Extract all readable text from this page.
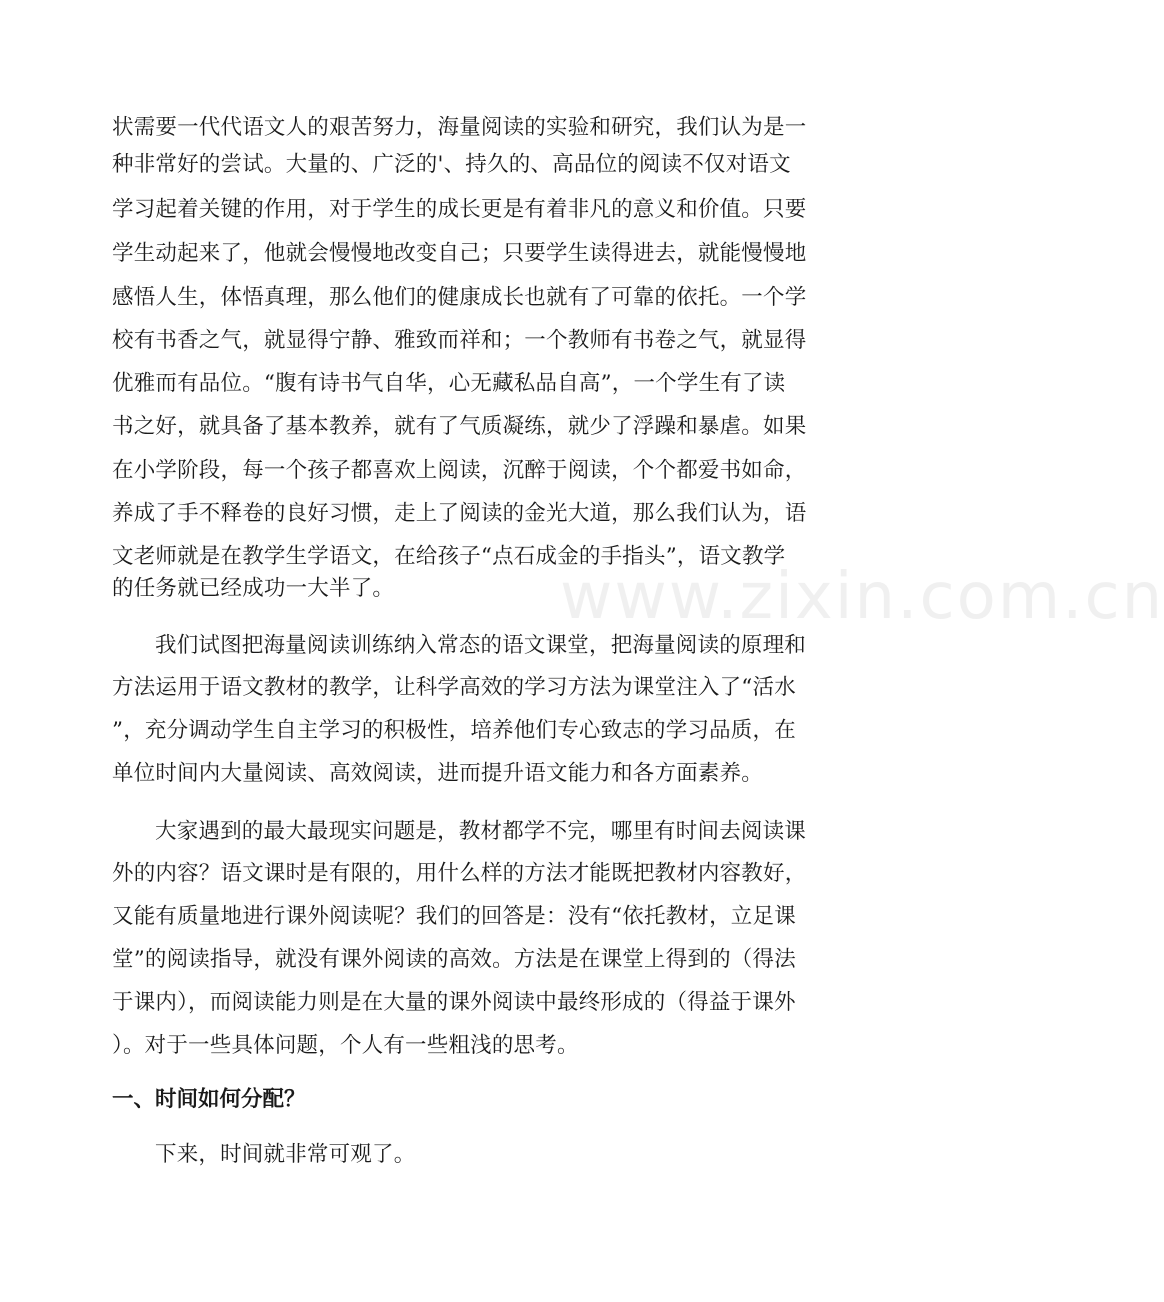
状需要一代代语文人的艰苦努力，海量阅读的实验和研究，我们认为是一
种非常好的尝试。大量的、广泛的'、持久的、高品位的阅读不仅对语文
学习起着关键的作用，对于学生的成长更是有着非凡的意义和价值。只要
学生动起来了，他就会慢慢地改变自己；只要学生读得进去，就能慢慢地
感悟人生，体悟真理，那么他们的健康成长也就有了可靠的依托。一个学
校有书香之气，就显得宁静、雅致而祥和；一个教师有书卷之气，就显得
优雅而有品位。“腹有诗书气自华，心无藏私品自高”，一个学生有了读
书之好，就具备了基本教养，就有了气质凝练，就少了浮躁和暴虐。如果
在小学阶段，每一个孩子都喜欢上阅读，沉醉于阅读，个个都爱书如命，
养成了手不释卷的良好习惯，走上了阅读的金光大道，那么我们认为，语
文老师就是在教学生学语文，在给孩子“点石成金的手指头”，语文教学
的任务就已经成功一大半了。
我们试图把海量阅读训练纳入常态的语文课堂，把海量阅读的原理和
方法运用于语文教材的教学，让科学高效的学习方法为课堂注入了“活水
”，充分调动学生自主学习的积极性，培养他们专心致志的学习品质，在
单位时间内大量阅读、高效阅读，进而提升语文能力和各方面素养。
大家遇到的最大最现实问题是，教材都学不完，哪里有时间去阅读课
外的内容？语文课时是有限的，用什么样的方法才能既把教材内容教好，
又能有质量地进行课外阅读呢？我们的回答是：没有“依托教材，立足课
堂”的阅读指导，就没有课外阅读的高效。方法是在课堂上得到的（得法
于课内），而阅读能力则是在大量的课外阅读中最终形成的（得益于课外
）。对于一些具体问题，个人有一些粗浅的思考。
一、时间如何分配？
下来，时间就非常可观了。
www.zixin.com.cn
